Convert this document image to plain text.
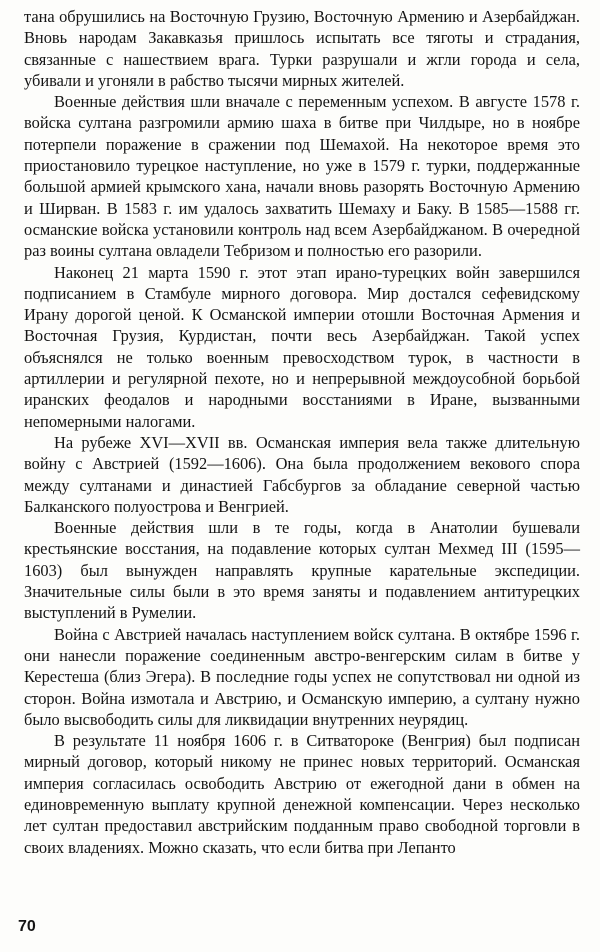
тана обрушились на Восточную Грузию, Восточную Армению и Азербайджан. Вновь народам Закавказья пришлось испытать все тяготы и страдания, связанные с нашествием врага. Турки разрушали и жгли города и села, убивали и угоняли в рабство тысячи мирных жителей.

Военные действия шли вначале с переменным успехом. В августе 1578 г. войска султана разгромили армию шаха в битве при Чилдыре, но в ноябре потерпели поражение в сражении под Шемахой. На некоторое время это приостановило турецкое наступление, но уже в 1579 г. турки, поддержанные большой армией крымского хана, начали вновь разорять Восточную Армению и Ширван. В 1583 г. им удалось захватить Шемаху и Баку. В 1585—1588 гг. османские войска установили контроль над всем Азербайджаном. В очередной раз воины султана овладели Тебризом и полностью его разорили.

Наконец 21 марта 1590 г. этот этап ирано-турецких войн завершился подписанием в Стамбуле мирного договора. Мир достался сефевидскому Ирану дорогой ценой. К Османской империи отошли Восточная Армения и Восточная Грузия, Курдистан, почти весь Азербайджан. Такой успех объяснялся не только военным превосходством турок, в частности в артиллерии и регулярной пехоте, но и непрерывной междоусобной борьбой иранских феодалов и народными восстаниями в Иране, вызванными непомерными налогами.

На рубеже XVI—XVII вв. Османская империя вела также длительную войну с Австрией (1592—1606). Она была продолжением векового спора между султанами и династией Габсбургов за обладание северной частью Балканского полуострова и Венгрией.

Военные действия шли в те годы, когда в Анатолии бушевали крестьянские восстания, на подавление которых султан Мехмед III (1595—1603) был вынужден направлять крупные карательные экспедиции. Значительные силы были в это время заняты и подавлением антитурецких выступлений в Румелии.

Война с Австрией началась наступлением войск султана. В октябре 1596 г. они нанесли поражение соединенным австро-венгерским силам в битве у Керестеша (близ Эгера). В последние годы успех не сопутствовал ни одной из сторон. Война измотала и Австрию, и Османскую империю, а султану нужно было высвободить силы для ликвидации внутренних неурядиц.

В результате 11 ноября 1606 г. в Ситватороке (Венгрия) был подписан мирный договор, который никому не принес новых территорий. Османская империя согласилась освободить Австрию от ежегодной дани в обмен на единовременную выплату крупной денежной компенсации. Через несколько лет султан предоставил австрийским подданным право свободной торговли в своих владениях. Можно сказать, что если битва при Лепанто

70
